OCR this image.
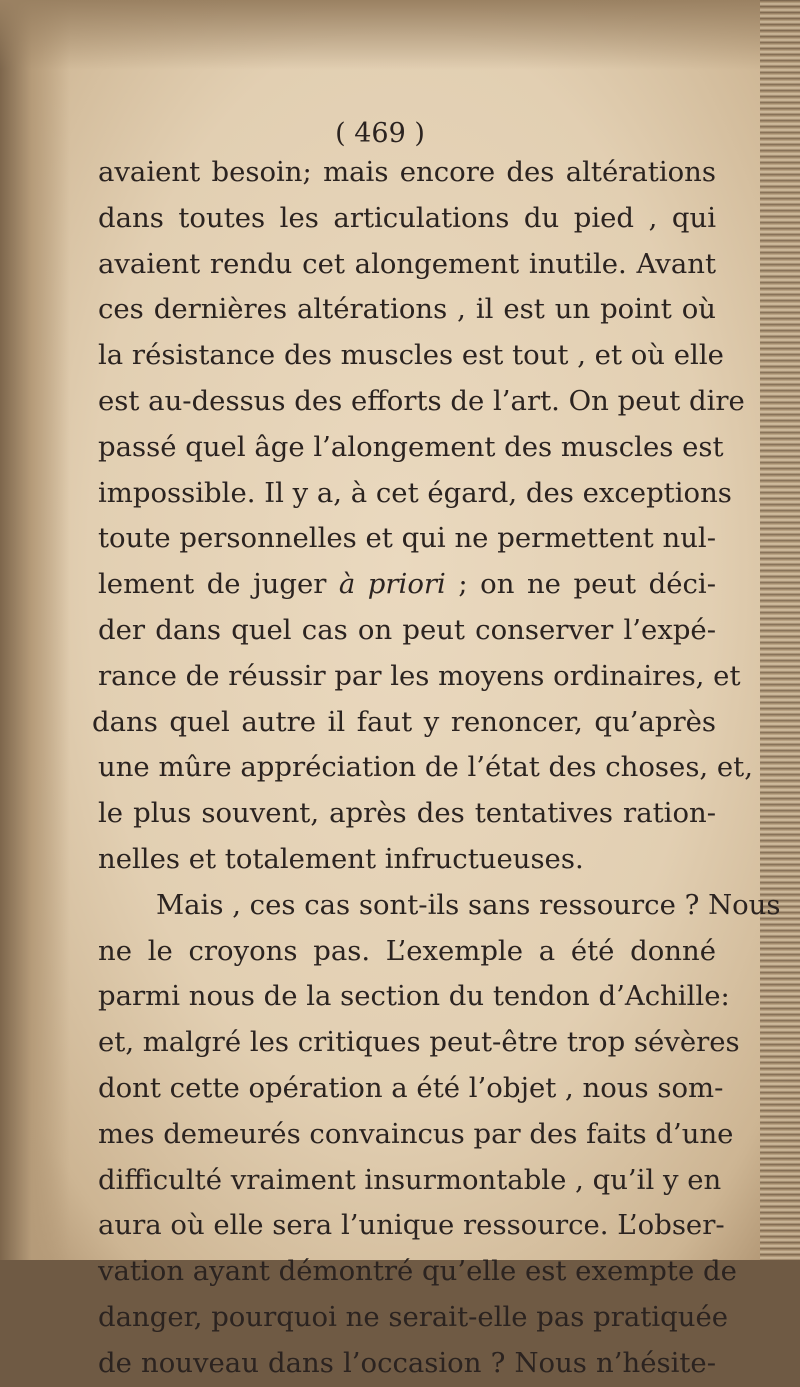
( 469 )
avaient besoin; mais encore des altérations
dans toutes les articulations du pied , qui
avaient rendu cet alongement inutile. Avant
ces dernières altérations , il est un point où
la résistance des muscles est tout , et où elle
est au-dessus des efforts de l’art. On peut dire
passé quel âge l’alongement des muscles est
impossible. Il y a, à cet égard, des exceptions
toute personnelles et qui ne permettent nul-
lement de juger à priori ; on ne peut déci-
der dans quel cas on peut conserver l’expé-
rance de réussir par les moyens ordinaires, et
dans quel autre il faut y renoncer, qu’après
une mûre appréciation de l’état des choses, et,
le plus souvent, après des tentatives ration-
nelles et totalement infructueuses.
Mais , ces cas sont-ils sans ressource ? Nous
ne le croyons pas. L’exemple a été donné
parmi nous de la section du tendon d’Achille:
et, malgré les critiques peut-être trop sévères
dont cette opération a été l’objet , nous som-
mes demeurés convaincus par des faits d’une
difficulté vraiment insurmontable , qu’il y en
aura où elle sera l’unique ressource. L’obser-
vation ayant démontré qu’elle est exempte de
danger, pourquoi ne serait-elle pas pratiquée
de nouveau dans l’occasion ? Nous n’hésite-
